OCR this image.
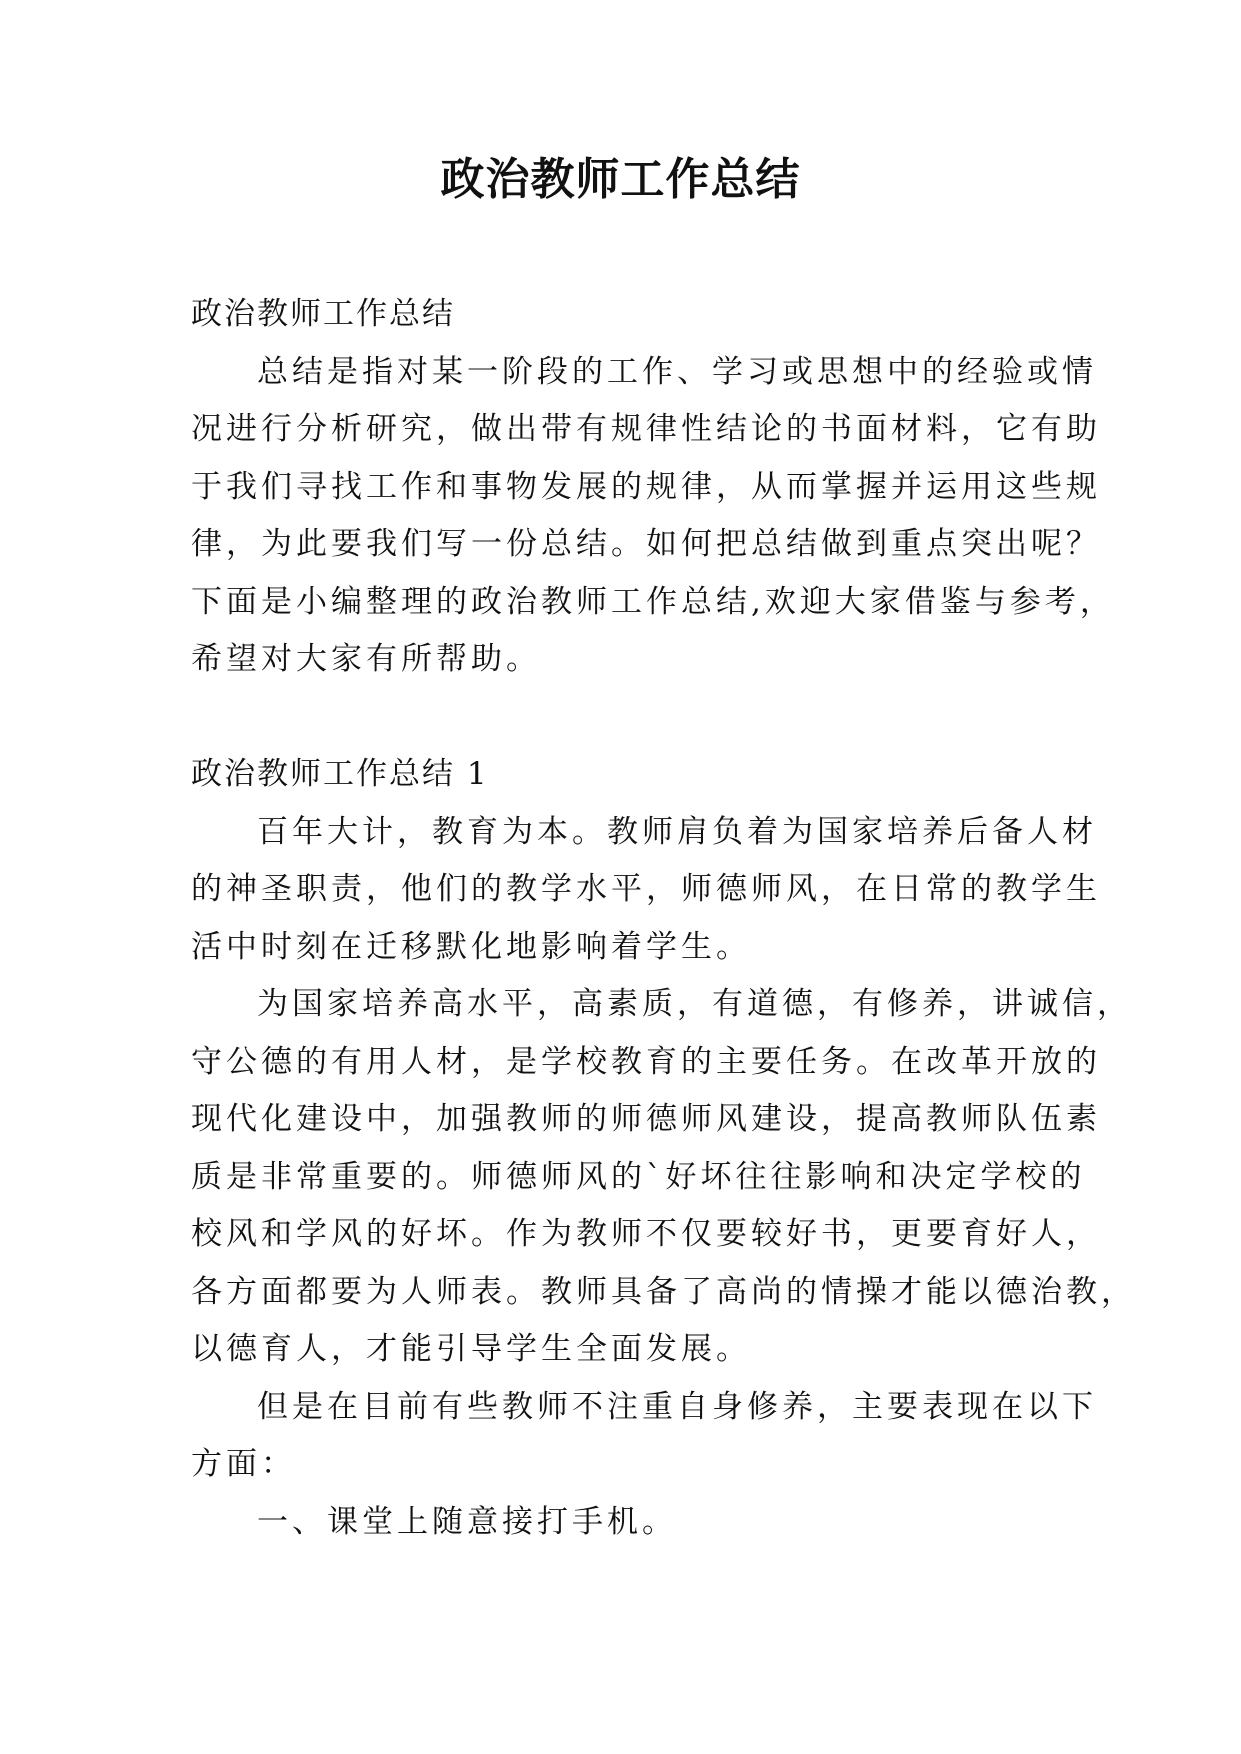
政治教师工作总结

政治教师工作总结

总结是指对某一阶段的工作、学习或思想中的经验或情

况进行分析研究，做出带有规律性结论的书面材料，它有助

于我们寻找工作和事物发展的规律，从而掌握并运用这些规

律，为此要我们写一份总结。如何把总结做到重点突出呢？

下面是小编整理的政治教师工作总结,欢迎大家借鉴与参考，

希望对大家有所帮助。

政治教师工作总结 1

百年大计，教育为本。教师肩负着为国家培养后备人材

的神圣职责，他们的教学水平，师德师风，在日常的教学生

活中时刻在迁移默化地影响着学生。

为国家培养高水平，高素质，有道德，有修养，讲诚信，

守公德的有用人材，是学校教育的主要任务。在改革开放的

现代化建设中，加强教师的师德师风建设，提高教师队伍素

质是非常重要的。师德师风的`好坏往往影响和决定学校的

校风和学风的好坏。作为教师不仅要较好书，更要育好人，

各方面都要为人师表。教师具备了高尚的情操才能以德治教，

以德育人，才能引导学生全面发展。

但是在目前有些教师不注重自身修养，主要表现在以下

方面：

一、课堂上随意接打手机。
